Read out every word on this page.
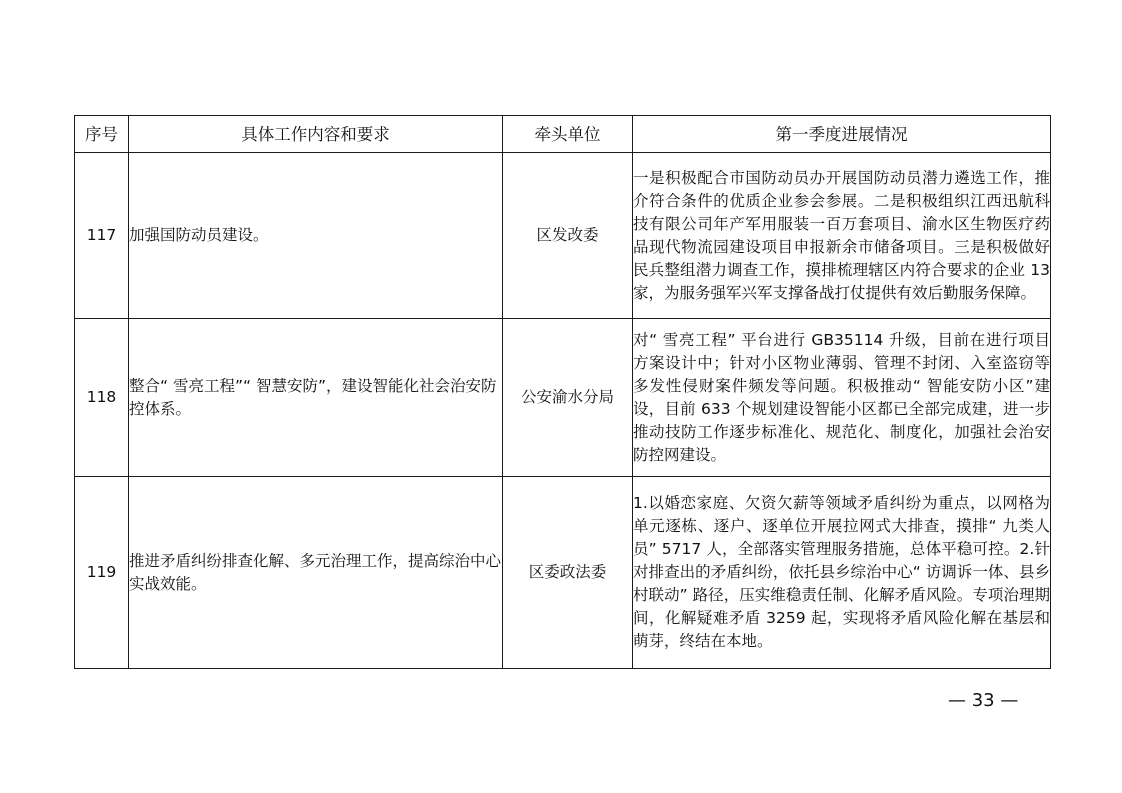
序号	具体工作内容和要求	牵头单位	第一季度进展情况
117	加强国防动员建设。	区发改委	一是积极配合市国防动员办开展国防动员潜力遴选工作，推介符合条件的优质企业参会参展。二是积极组织江西迅航科技有限公司年产军用服装一百万套项目、渝水区生物医疗药品现代物流园建设项目申报新余市储备项目。三是积极做好民兵整组潜力调查工作，摸排梳理辖区内符合要求的企业 13 家，为服务强军兴军支撑备战打仗提供有效后勤服务保障。
118	整合“ 雪亮工程”“ 智慧安防”，建设智能化社会治安防控体系。	公安渝水分局	对“ 雪亮工程” 平台进行 GB35114 升级，目前在进行项目方案设计中；针对小区物业薄弱、管理不封闭、入室盗窃等多发性侵财案件频发等问题。积极推动“ 智能安防小区”建设，目前 633 个规划建设智能小区都已全部完成建，进一步推动技防工作逐步标准化、规范化、制度化，加强社会治安防控网建设。
119	推进矛盾纠纷排查化解、多元治理工作，提高综治中心实战效能。	区委政法委	1.以婚恋家庭、欠资欠薪等领域矛盾纠纷为重点，以网格为单元逐栋、逐户、逐单位开展拉网式大排查，摸排“ 九类人员” 5717 人，全部落实管理服务措施，总体平稳可控。2.针对排查出的矛盾纠纷，依托县乡综治中心“ 访调诉一体、县乡村联动” 路径，压实维稳责任制、化解矛盾风险。专项治理期间，化解疑难矛盾 3259 起，实现将矛盾风险化解在基层和萌芽，终结在本地。
— 33 —
